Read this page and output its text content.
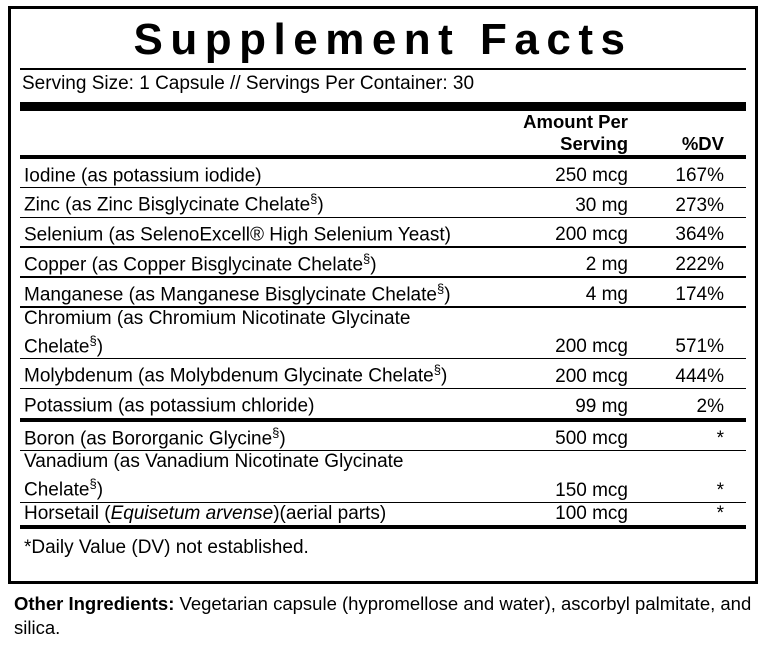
Supplement Facts
Serving Size: 1 Capsule // Servings Per Container: 30
	Amount Per Serving	%DV

Iodine (as potassium iodide)	250 mcg	167%

Zinc (as Zinc Bisglycinate Chelate§)	30 mg	273%

Selenium (as SelenoExcell® High Selenium Yeast)	200 mcg	364%

Copper (as Copper Bisglycinate Chelate§)	2 mg	222%

Manganese (as Manganese Bisglycinate Chelate§)	4 mg	174%

Chromium (as Chromium Nicotinate Glycinate Chelate§)	200 mcg	571%

Molybdenum (as Molybdenum Glycinate Chelate§)	200 mcg	444%

Potassium (as potassium chloride)	99 mg	2%

Boron (as Bororganic Glycine§)	500 mcg	*

Vanadium (as Vanadium Nicotinate Glycinate Chelate§)	150 mcg	*

Horsetail (Equisetum arvense)(aerial parts)	100 mcg	*
*Daily Value (DV) not established.
Other Ingredients: Vegetarian capsule (hypromellose and water), ascorbyl palmitate, and silica.
